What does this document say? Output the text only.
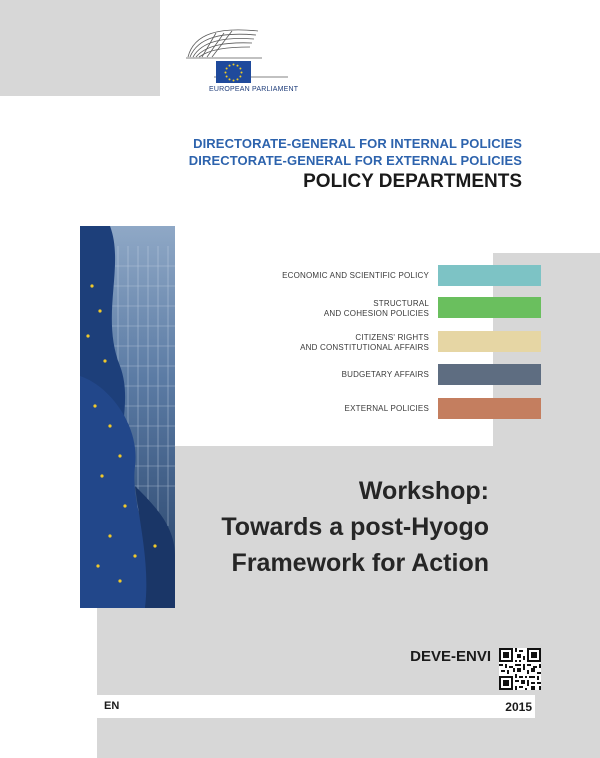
EUROPEAN PARLIAMENT
DIRECTORATE-GENERAL FOR INTERNAL POLICIES
DIRECTORATE-GENERAL FOR EXTERNAL POLICIES
POLICY DEPARTMENTS
ECONOMIC AND SCIENTIFIC POLICY
STRUCTURAL
AND COHESION POLICIES
CITIZENS' RIGHTS
AND CONSTITUTIONAL AFFAIRS
BUDGETARY AFFAIRS
EXTERNAL POLICIES
Workshop:
Towards a post-Hyogo
Framework for Action
DEVE-ENVI
EN	2015
